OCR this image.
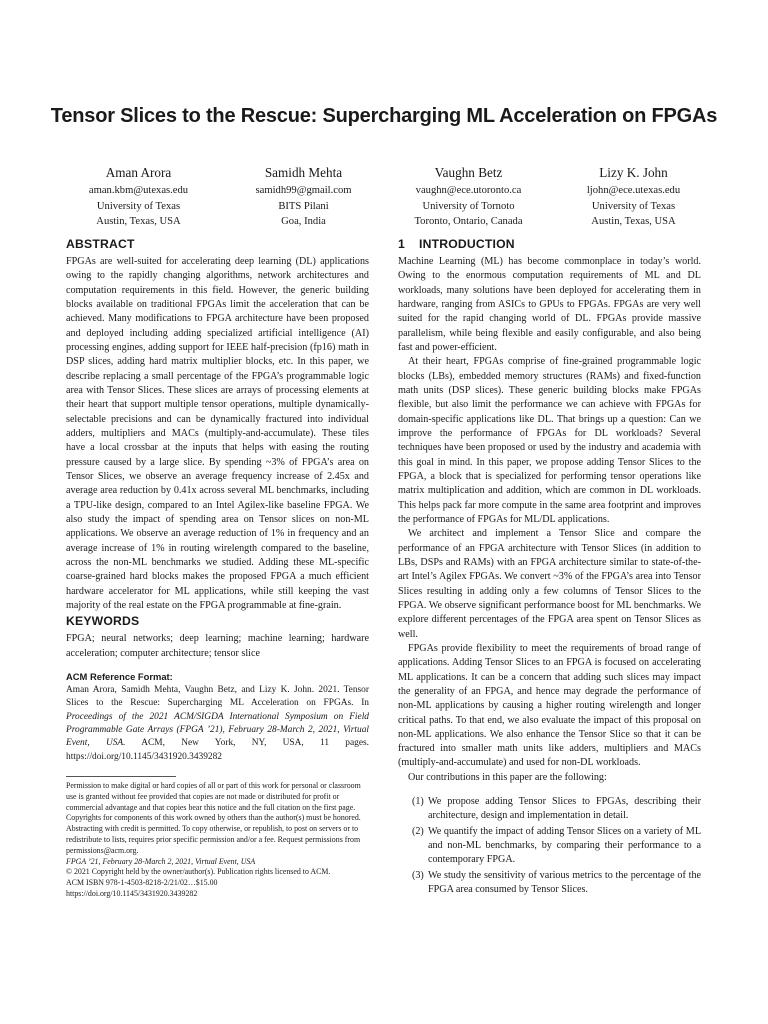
Tensor Slices to the Rescue: Supercharging ML Acceleration on FPGAs
Aman Arora
aman.kbm@utexas.edu
University of Texas
Austin, Texas, USA
Samidh Mehta
samidh99@gmail.com
BITS Pilani
Goa, India
Vaughn Betz
vaughn@ece.utoronto.ca
University of Tornoto
Toronto, Ontario, Canada
Lizy K. John
ljohn@ece.utexas.edu
University of Texas
Austin, Texas, USA
ABSTRACT

FPGAs are well-suited for accelerating deep learning (DL) applications owing to the rapidly changing algorithms, network architectures and computation requirements in this field. However, the generic building blocks available on traditional FPGAs limit the acceleration that can be achieved. Many modifications to FPGA architecture have been proposed and deployed including adding specialized artificial intelligence (AI) processing engines, adding support for IEEE half-precision (fp16) math in DSP slices, adding hard matrix multiplier blocks, etc. In this paper, we describe replacing a small percentage of the FPGA’s programmable logic area with Tensor Slices. These slices are arrays of processing elements at their heart that support multiple tensor operations, multiple dynamically-selectable precisions and can be dynamically fractured into individual adders, multipliers and MACs (multiply-and-accumulate). These tiles have a local crossbar at the inputs that helps with easing the routing pressure caused by a large slice. By spending ~3% of FPGA’s area on Tensor Slices, we observe an average frequency increase of 2.45x and average area reduction by 0.41x across several ML benchmarks, including a TPU-like design, compared to an Intel Agilex-like baseline FPGA. We also study the impact of spending area on Tensor slices on non-ML applications. We observe an average reduction of 1% in frequency and an average increase of 1% in routing wirelength compared to the baseline, across the non-ML benchmarks we studied. Adding these ML-specific coarse-grained hard blocks makes the proposed FPGA a much efficient hardware accelerator for ML applications, while still keeping the vast majority of the real estate on the FPGA programmable at fine-grain.

KEYWORDS

FPGA; neural networks; deep learning; machine learning; hardware acceleration; computer architecture; tensor slice

ACM Reference Format:
Aman Arora, Samidh Mehta, Vaughn Betz, and Lizy K. John. 2021. Tensor Slices to the Rescue: Supercharging ML Acceleration on FPGAs. In Proceedings of the 2021 ACM/SIGDA International Symposium on Field Programmable Gate Arrays (FPGA ’21), February 28-March 2, 2021, Virtual Event, USA. ACM, New York, NY, USA, 11 pages. https://doi.org/10.1145/3431920.3439282
Permission to make digital or hard copies of all or part of this work for personal or classroom use is granted without fee provided that copies are not made or distributed for profit or commercial advantage and that copies bear this notice and the full citation on the first page. Copyrights for components of this work owned by others than the author(s) must be honored. Abstracting with credit is permitted. To copy otherwise, or republish, to post on servers or to redistribute to lists, requires prior specific permission and/or a fee. Request permissions from permissions@acm.org.
FPGA ’21, February 28-March 2, 2021, Virtual Event, USA
© 2021 Copyright held by the owner/author(s). Publication rights licensed to ACM.
ACM ISBN 978-1-4503-8218-2/21/02…$15.00
https://doi.org/10.1145/3431920.3439282
1 INTRODUCTION

Machine Learning (ML) has become commonplace in today’s world. Owing to the enormous computation requirements of ML and DL workloads, many solutions have been deployed for accelerating them in hardware, ranging from ASICs to GPUs to FPGAs. FPGAs are very well suited for the rapid changing world of DL. FPGAs provide massive parallelism, while being flexible and easily configurable, and also being fast and power-efficient.

At their heart, FPGAs comprise of fine-grained programmable logic blocks (LBs), embedded memory structures (RAMs) and fixed-function math units (DSP slices). These generic building blocks make FPGAs flexible, but also limit the performance we can achieve with FPGAs for domain-specific applications like DL. That brings up a question: Can we improve the performance of FPGAs for DL workloads? Several techniques have been proposed or used by the industry and academia with this goal in mind. In this paper, we propose adding Tensor Slices to the FPGA, a block that is specialized for performing tensor operations like matrix multiplication and addition, which are common in DL workloads. This helps pack far more compute in the same area footprint and improves the performance of FPGAs for ML/DL applications.

We architect and implement a Tensor Slice and compare the performance of an FPGA architecture with Tensor Slices (in addition to LBs, DSPs and RAMs) with an FPGA architecture similar to state-of-the-art Intel’s Agilex FPGAs. We convert ~3% of the FPGA’s area into Tensor Slices resulting in adding only a few columns of Tensor Slices to the FPGA. We observe significant performance boost for ML benchmarks. We explore different percentages of the FPGA area spent on Tensor Slices as well.

FPGAs provide flexibility to meet the requirements of broad range of applications. Adding Tensor Slices to an FPGA is focused on accelerating ML applications. It can be a concern that adding such slices may impact the generality of an FPGA, and hence may degrade the performance of non-ML applications by causing a higher routing wirelength and longer critical paths. To that end, we also evaluate the impact of this proposal on non-ML applications. We also enhance the Tensor Slice so that it can be fractured into smaller math units like adders, multipliers and MACs (multiply-and-accumulate) and used for non-DL workloads.

Our contributions in this paper are the following:

(1) We propose adding Tensor Slices to FPGAs, describing their architecture, design and implementation in detail.
(2) We quantify the impact of adding Tensor Slices on a variety of ML and non-ML benchmarks, by comparing their performance to a contemporary FPGA.
(3) We study the sensitivity of various metrics to the percentage of the FPGA area consumed by Tensor Slices.
